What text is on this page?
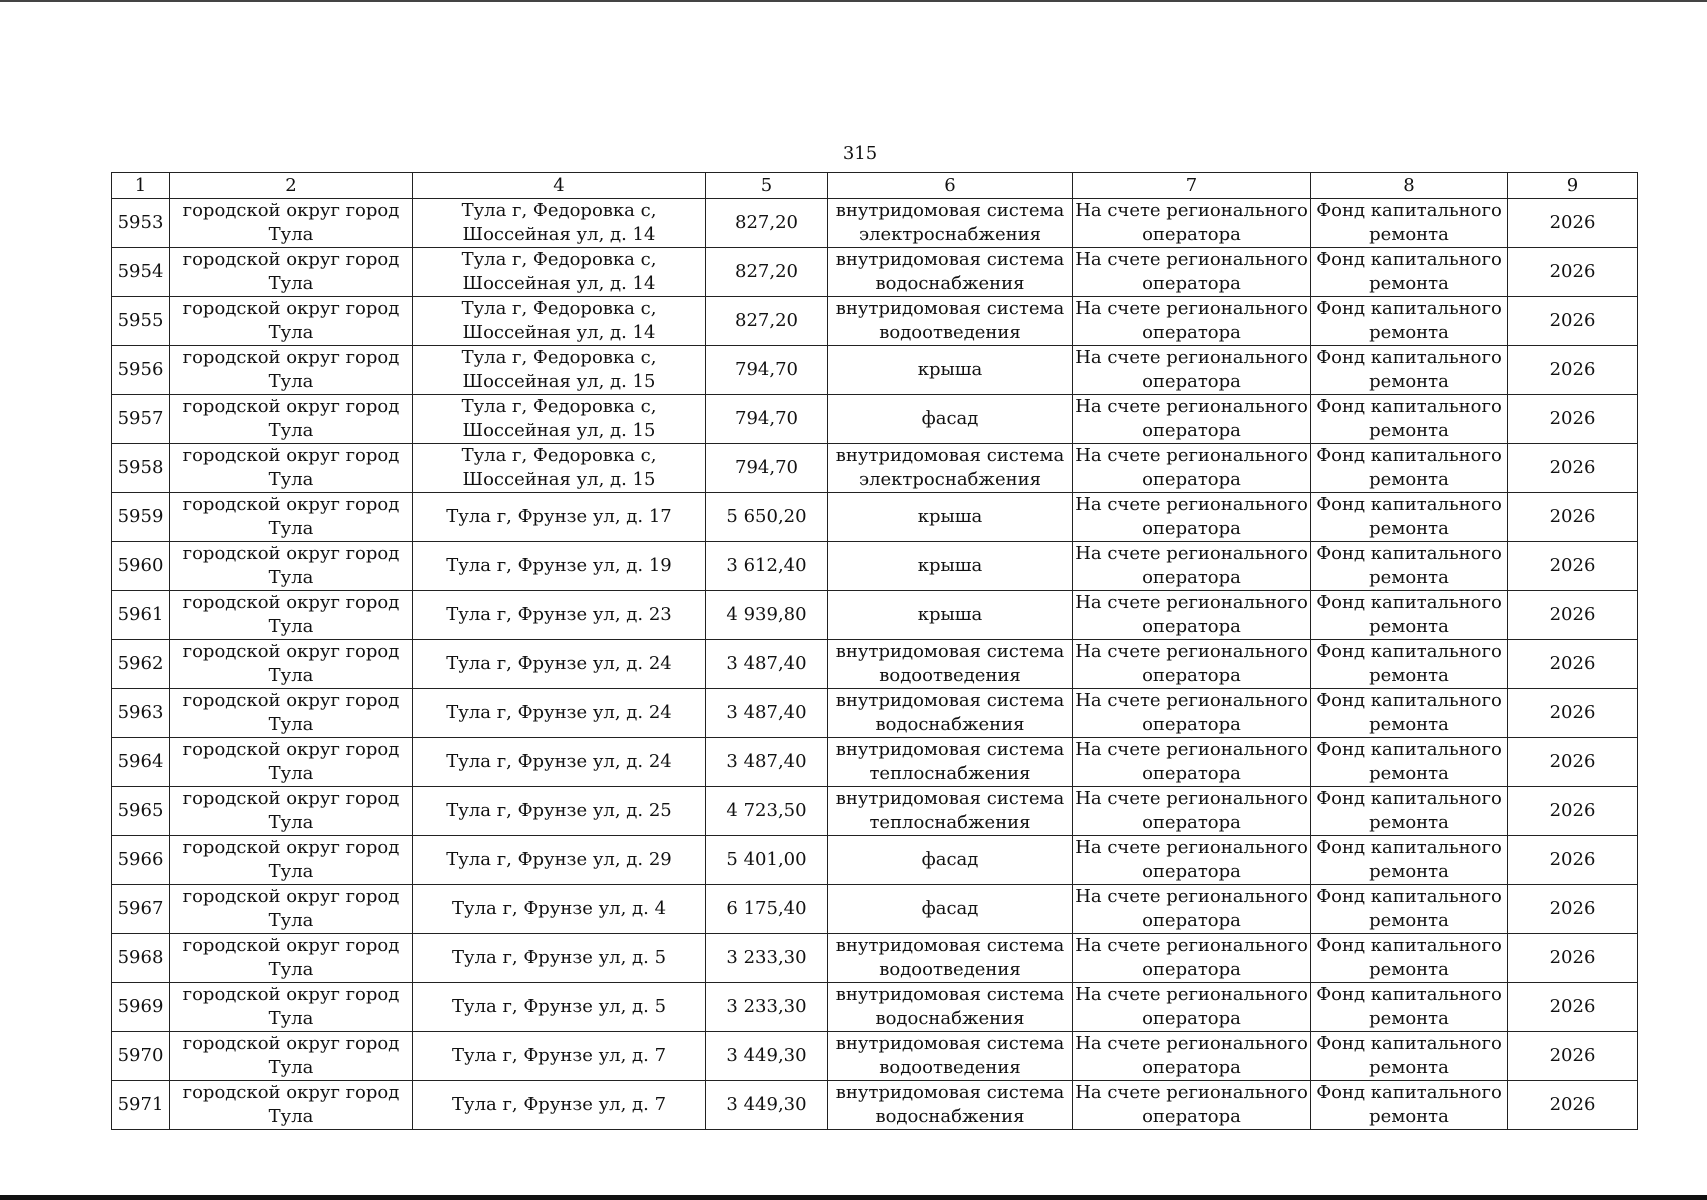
315
1	2	4	5	6	7	8	9
5953	городской округ город Тула	Тула г, Федоровка с, Шоссейная ул, д. 14	827,20	внутридомовая система электроснабжения	На счете регионального оператора	Фонд капитального ремонта	2026
5954	городской округ город Тула	Тула г, Федоровка с, Шоссейная ул, д. 14	827,20	внутридомовая система водоснабжения	На счете регионального оператора	Фонд капитального ремонта	2026
5955	городской округ город Тула	Тула г, Федоровка с, Шоссейная ул, д. 14	827,20	внутридомовая система водоотведения	На счете регионального оператора	Фонд капитального ремонта	2026
5956	городской округ город Тула	Тула г, Федоровка с, Шоссейная ул, д. 15	794,70	крыша	На счете регионального оператора	Фонд капитального ремонта	2026
5957	городской округ город Тула	Тула г, Федоровка с, Шоссейная ул, д. 15	794,70	фасад	На счете регионального оператора	Фонд капитального ремонта	2026
5958	городской округ город Тула	Тула г, Федоровка с, Шоссейная ул, д. 15	794,70	внутридомовая система электроснабжения	На счете регионального оператора	Фонд капитального ремонта	2026
5959	городской округ город Тула	Тула г, Фрунзе ул, д. 17	5 650,20	крыша	На счете регионального оператора	Фонд капитального ремонта	2026
5960	городской округ город Тула	Тула г, Фрунзе ул, д. 19	3 612,40	крыша	На счете регионального оператора	Фонд капитального ремонта	2026
5961	городской округ город Тула	Тула г, Фрунзе ул, д. 23	4 939,80	крыша	На счете регионального оператора	Фонд капитального ремонта	2026
5962	городской округ город Тула	Тула г, Фрунзе ул, д. 24	3 487,40	внутридомовая система водоотведения	На счете регионального оператора	Фонд капитального ремонта	2026
5963	городской округ город Тула	Тула г, Фрунзе ул, д. 24	3 487,40	внутридомовая система водоснабжения	На счете регионального оператора	Фонд капитального ремонта	2026
5964	городской округ город Тула	Тула г, Фрунзе ул, д. 24	3 487,40	внутридомовая система теплоснабжения	На счете регионального оператора	Фонд капитального ремонта	2026
5965	городской округ город Тула	Тула г, Фрунзе ул, д. 25	4 723,50	внутридомовая система теплоснабжения	На счете регионального оператора	Фонд капитального ремонта	2026
5966	городской округ город Тула	Тула г, Фрунзе ул, д. 29	5 401,00	фасад	На счете регионального оператора	Фонд капитального ремонта	2026
5967	городской округ город Тула	Тула г, Фрунзе ул, д. 4	6 175,40	фасад	На счете регионального оператора	Фонд капитального ремонта	2026
5968	городской округ город Тула	Тула г, Фрунзе ул, д. 5	3 233,30	внутридомовая система водоотведения	На счете регионального оператора	Фонд капитального ремонта	2026
5969	городской округ город Тула	Тула г, Фрунзе ул, д. 5	3 233,30	внутридомовая система водоснабжения	На счете регионального оператора	Фонд капитального ремонта	2026
5970	городской округ город Тула	Тула г, Фрунзе ул, д. 7	3 449,30	внутридомовая система водоотведения	На счете регионального оператора	Фонд капитального ремонта	2026
5971	городской округ город Тула	Тула г, Фрунзе ул, д. 7	3 449,30	внутридомовая система водоснабжения	На счете регионального оператора	Фонд капитального ремонта	2026
